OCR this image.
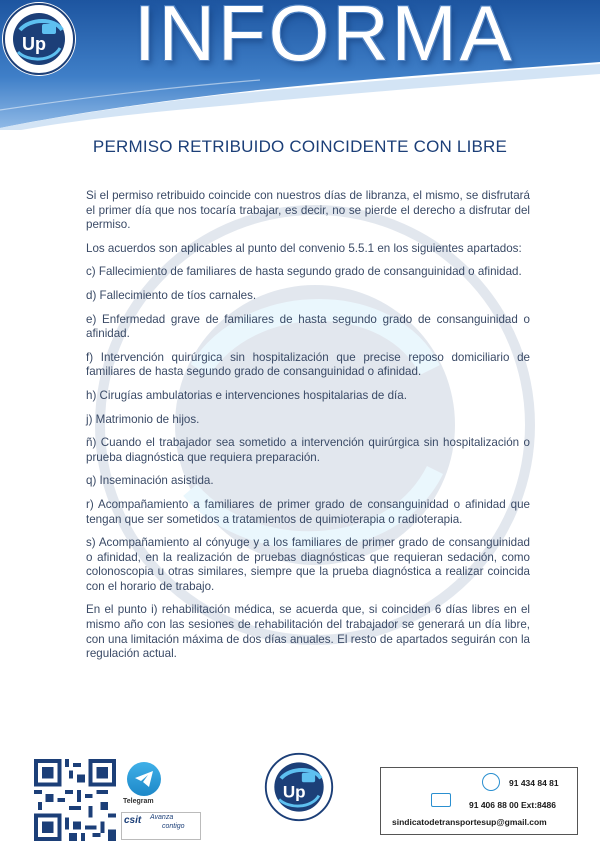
Up INFORMA
PERMISO RETRIBUIDO COINCIDENTE CON LIBRE

Si el permiso retribuido coincide con nuestros días de libranza, el mismo, se disfrutará el primer día que nos tocaría trabajar, es decir, no se pierde el derecho a disfrutar del permiso.

Los acuerdos son aplicables al punto del convenio 5.5.1 en los siguientes apartados:

c) Fallecimiento de familiares de hasta segundo grado de consanguinidad o afinidad.

d) Fallecimiento de tíos carnales.

e) Enfermedad grave de familiares de hasta segundo grado de consanguinidad o afinidad.

f) Intervención quirúrgica sin hospitalización que precise reposo domiciliario de familiares de hasta segundo grado de consanguinidad o afinidad.

h) Cirugías ambulatorias e intervenciones hospitalarias de día.

j) Matrimonio de hijos.

ñ) Cuando el trabajador sea sometido a intervención quirúrgica sin hospitalización o prueba diagnóstica que requiera preparación.

q) Inseminación asistida.

r) Acompañamiento a familiares de primer grado de consanguinidad o afinidad que tengan que ser sometidos a tratamientos de quimioterapia o radioterapia.

s) Acompañamiento al cónyuge y a los familiares de primer grado de consanguinidad o afinidad, en la realización de pruebas diagnósticas que requieran sedación, como colonoscopia u otras similares, siempre que la prueba diagnóstica a realizar coincida con el horario de trabajo.

En el punto i) rehabilitación médica, se acuerda que, si coinciden 6 días libres en el mismo año con las sesiones de rehabilitación del trabajador se generará un día libre, con una limitación máxima de dos días anuales. El resto de apartados seguirán con la regulación actual.

Telegram
csit Avanza
contigo
Up	91 434 84 81
91 406 88 00 Ext:8486
sindicatodetransportesup@gmail.com
